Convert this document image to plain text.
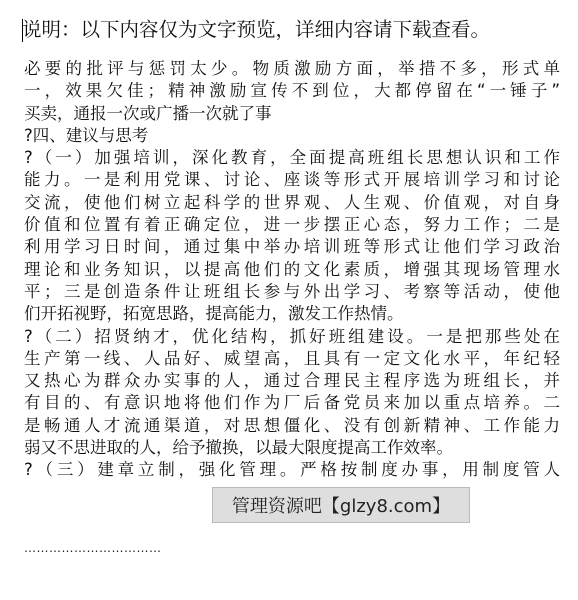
说明：以下内容仅为文字预览，详细内容请下载查看。
必要的批评与惩罚太少。物质激励方面，举措不多，形式单
一，效果欠佳；精神激励宣传不到位，大都停留在“一锤子”
买卖，通报一次或广播一次就了事
?四、建议与思考
?（一）加强培训，深化教育，全面提高班组长思想认识和工作
能力。一是利用党课、讨论、座谈等形式开展培训学习和讨论
交流，使他们树立起科学的世界观、人生观、价值观，对自身
价值和位置有着正确定位，进一步摆正心态，努力工作；二是
利用学习日时间，通过集中举办培训班等形式让他们学习政治
理论和业务知识，以提高他们的文化素质，增强其现场管理水
平；三是创造条件让班组长参与外出学习、考察等活动，使他
们开拓视野，拓宽思路，提高能力，激发工作热情。
?（二）招贤纳才，优化结构，抓好班组建设。一是把那些处在
生产第一线、人品好、威望高，且具有一定文化水平，年纪轻
又热心为群众办实事的人，通过合理民主程序选为班组长，并
有目的、有意识地将他们作为厂后备党员来加以重点培养。二
是畅通人才流通渠道，对思想僵化、没有创新精神、工作能力
弱又不思进取的人，给予撤换，以最大限度提高工作效率。
?（三）建章立制，强化管理。严格按制度办事，用制度管人
……………………………
管理资源吧【glzy8.com】
